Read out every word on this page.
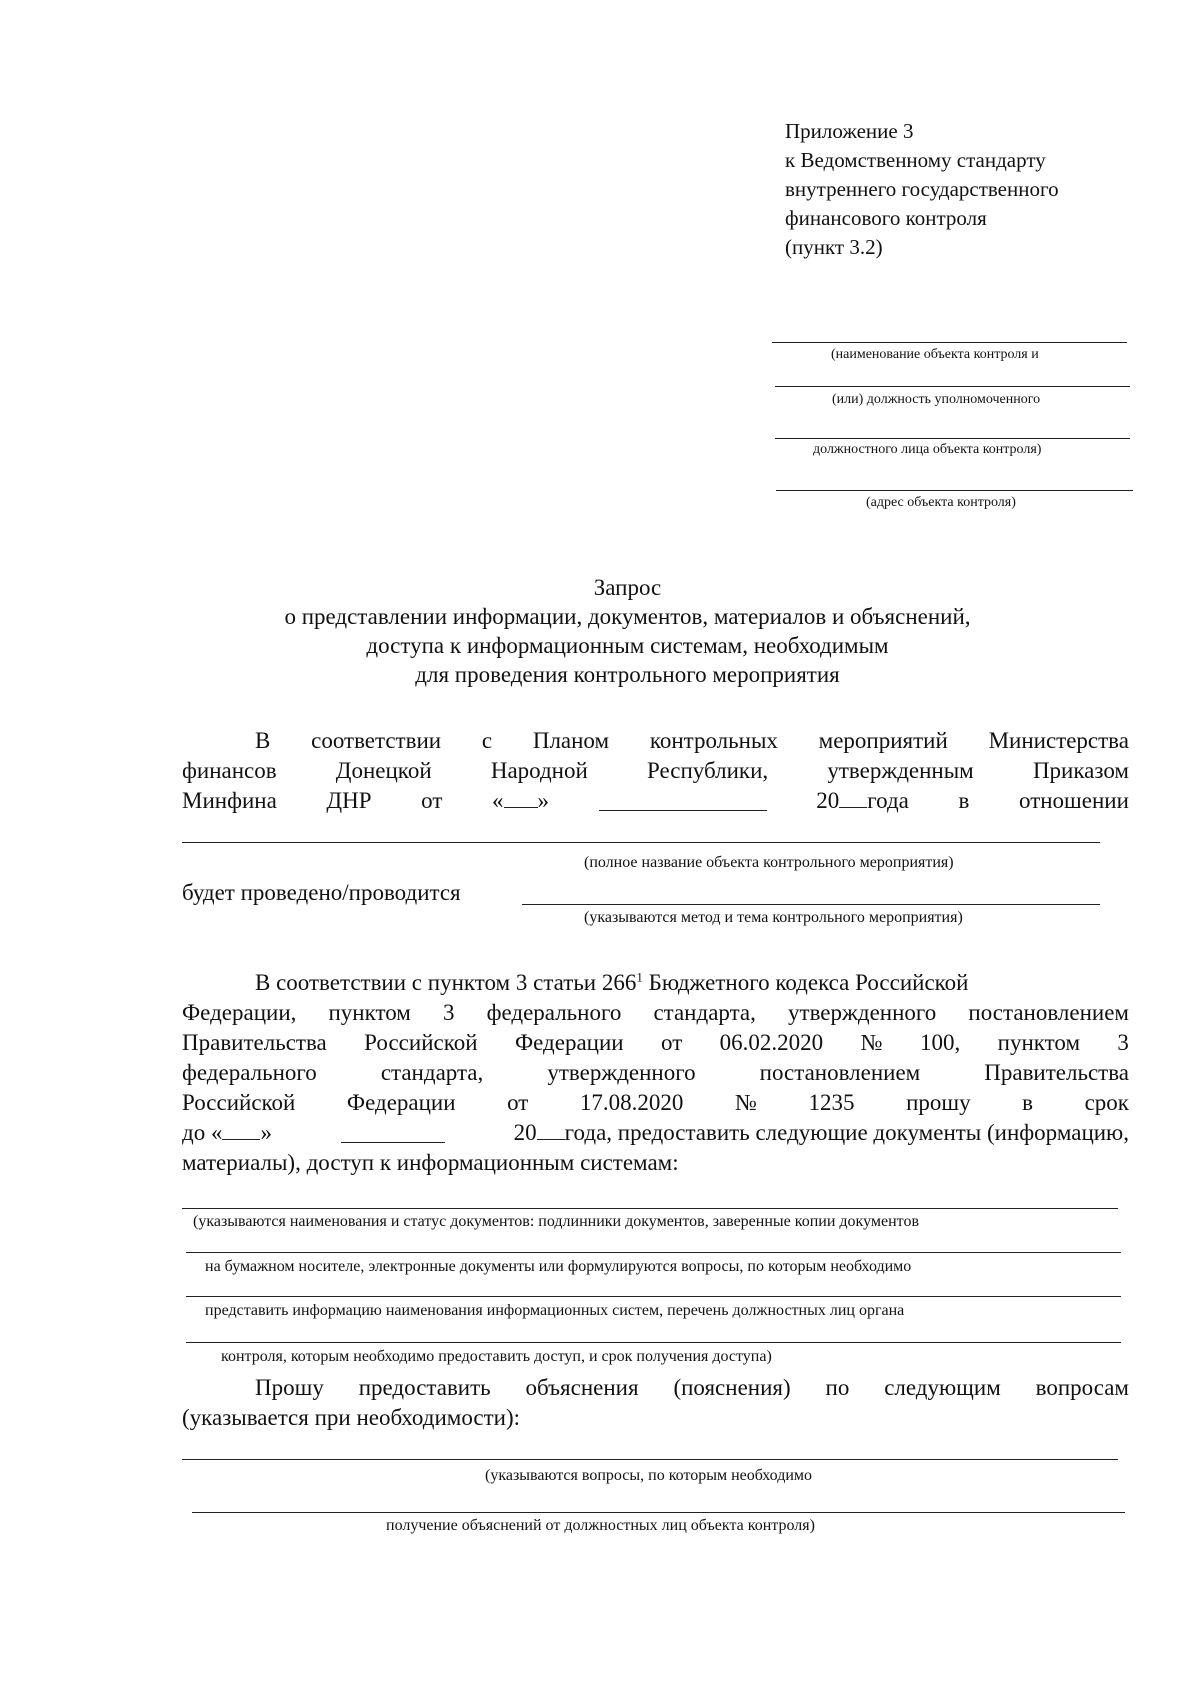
Приложение 3
к Ведомственному стандарту
внутреннего государственного
финансового контроля
(пункт 3.2)
(наименование объекта контроля и
(или) должность уполномоченного
должностного лица объекта контроля)
(адрес объекта контроля)
Запрос
о представлении информации, документов, материалов и объяснений,
доступа к информационным системам, необходимым
для проведения контрольного мероприятия
В соответствии с Планом контрольных мероприятий Министерства
финансов	Донецкой	Народной	Республики,	утвержденным	Приказом
Минфина ДНР от « »	20 года в отношении
(полное название объекта контрольного мероприятия)
будет проведено/проводится
(указываются метод и тема контрольного мероприятия)
В соответствии с пунктом 3 статьи $266^1$ Бюджетного кодекса Российской
Федерации, пунктом 3 федерального стандарта, утвержденного постановлением
Правительства Российской Федерации от 06.02.2020 № 100, пунктом 3
федерального	стандарта,	утвержденного	постановлением	Правительства
Российской Федерации от 17.08.2020 № 1235 прошу в срок
до « »	20 года, предоставить следующие документы (информацию,
материалы), доступ к информационным системам:
(указываются наименования и статус документов: подлинники документов, заверенные копии документов
на бумажном носителе, электронные документы или формулируются вопросы, по которым необходимо
представить информацию наименования информационных систем, перечень должностных лиц органа
контроля, которым необходимо предоставить доступ, и срок получения доступа)
Прошу предоставить объяснения (пояснения) по следующим вопросам
(указывается при необходимости):
(указываются вопросы, по которым необходимо
получение объяснений от должностных лиц объекта контроля)
